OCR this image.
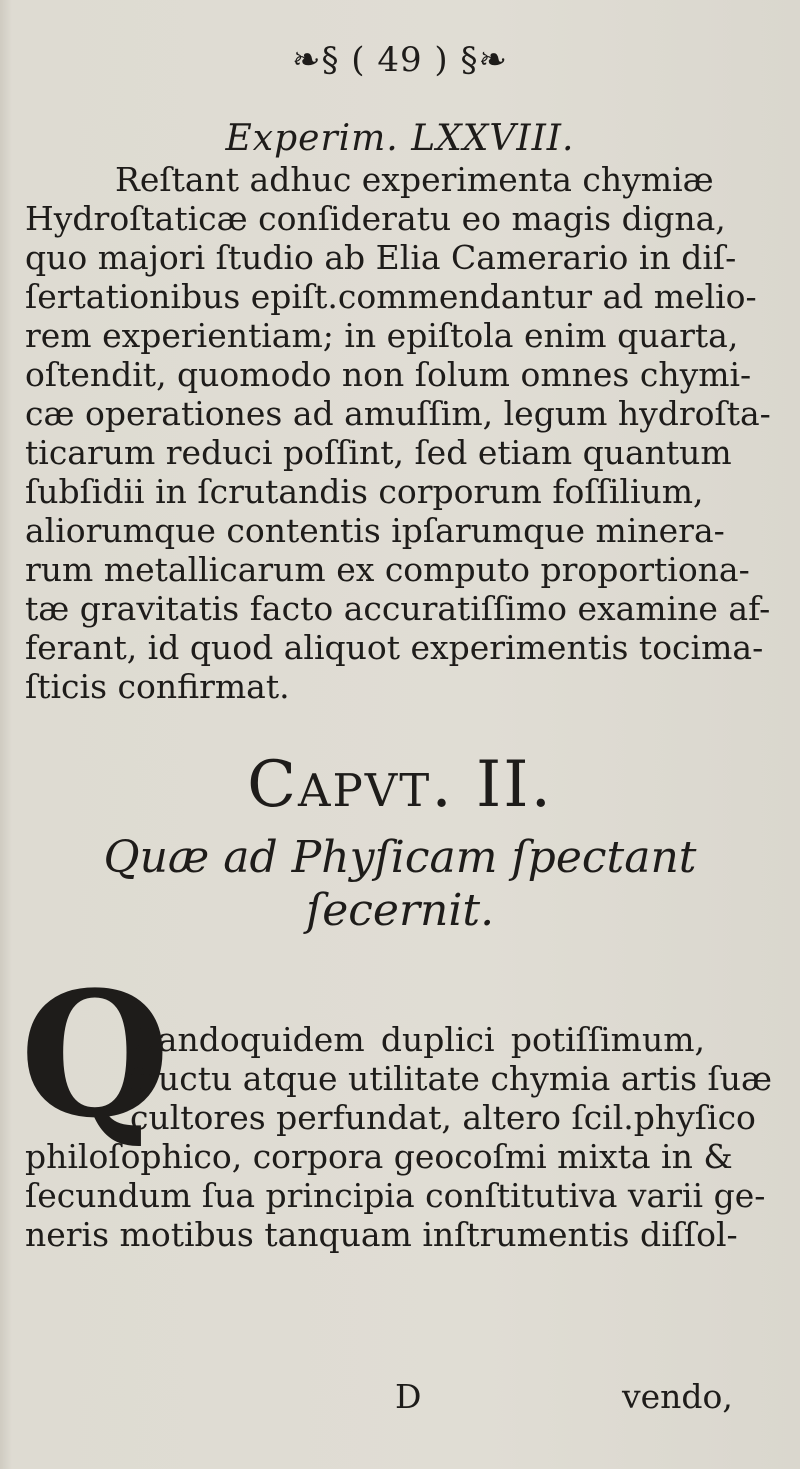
❧§ ( 49 ) §❧
Experim. LXXVIII.
Reſtant adhuc experimenta chymiæ
Hydroſtaticæ conſideratu eo magis digna,
quo majori ſtudio ab Elia Camerario in diſ-
ſertationibus epiſt.commendantur ad melio-
rem experientiam; in epiſtola enim quarta,
oſtendit, quomodo non ſolum omnes chymi-
cæ operationes ad amuſſim, legum hydroſta-
ticarum reduci poſſint, ſed etiam quantum
ſubſidii in ſcrutandis corporum foſſilium,
aliorumque contentis ipſarumque minera-
rum metallicarum ex computo proportiona-
tæ gravitatis facto accuratiſſimo examine af-
ferant, id quod aliquot experimentis tocima-
ſticis confirmat.
Capvt. II.
Quæ ad Phyſicam ſpectant
ſecernit.
Q
Uandoquidem duplici potiſſimum,
fructu atque utilitate chymia artis ſuæ
cultores perfundat, altero ſcil.phyſico
philoſophico, corpora geocoſmi mixta in &
ſecundum ſua principia conſtitutiva varii ge-
neris motibus tanquam inſtrumentis diſſol-
D	vendo,
